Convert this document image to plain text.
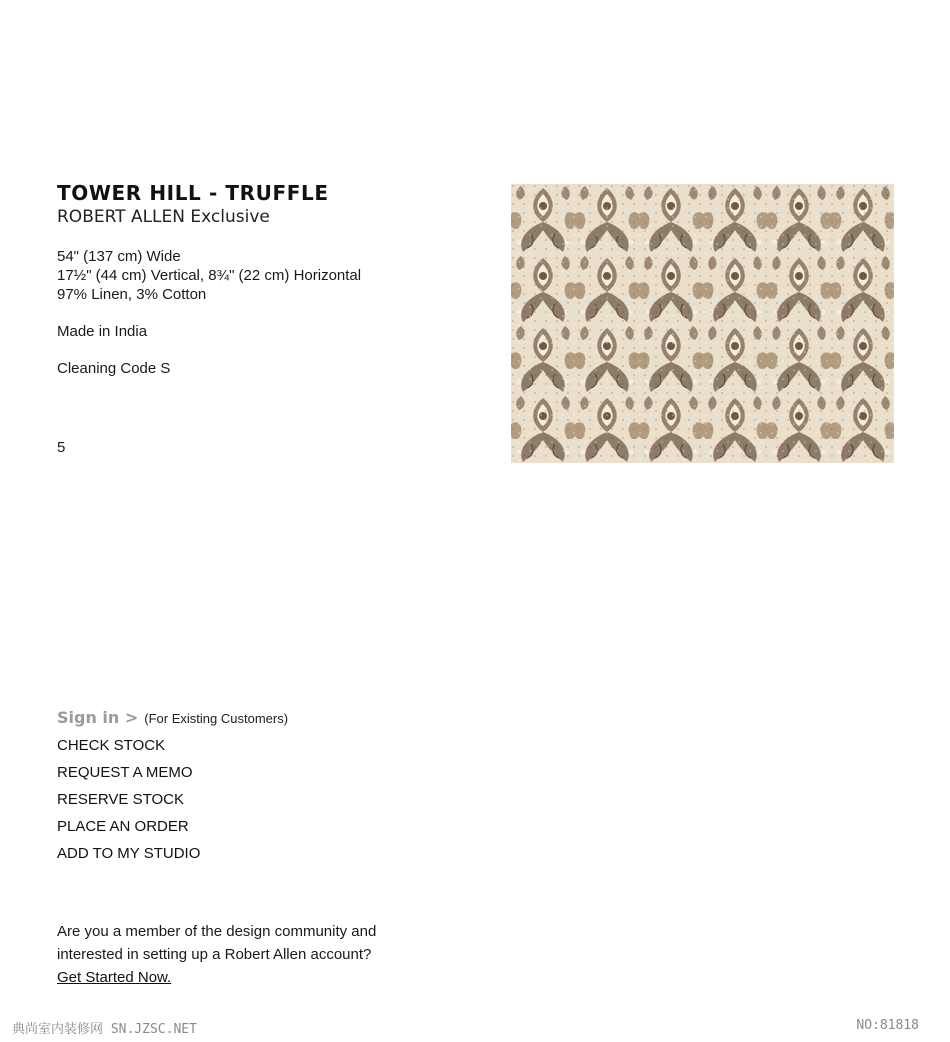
TOWER HILL - TRUFFLE
ROBERT ALLEN Exclusive
54" (137 cm) Wide
17½" (44 cm) Vertical, 8¾" (22 cm) Horizontal
97% Linen, 3% Cotton
Made in India
Cleaning Code S
5
Sign in > (For Existing Customers)
CHECK STOCK
REQUEST A MEMO
RESERVE STOCK
PLACE AN ORDER
ADD TO MY STUDIO
Are you a member of the design community and
interested in setting up a Robert Allen account?
Get Started Now.
典尚室内装修网 SN.JZSC.NET	NO:81818
